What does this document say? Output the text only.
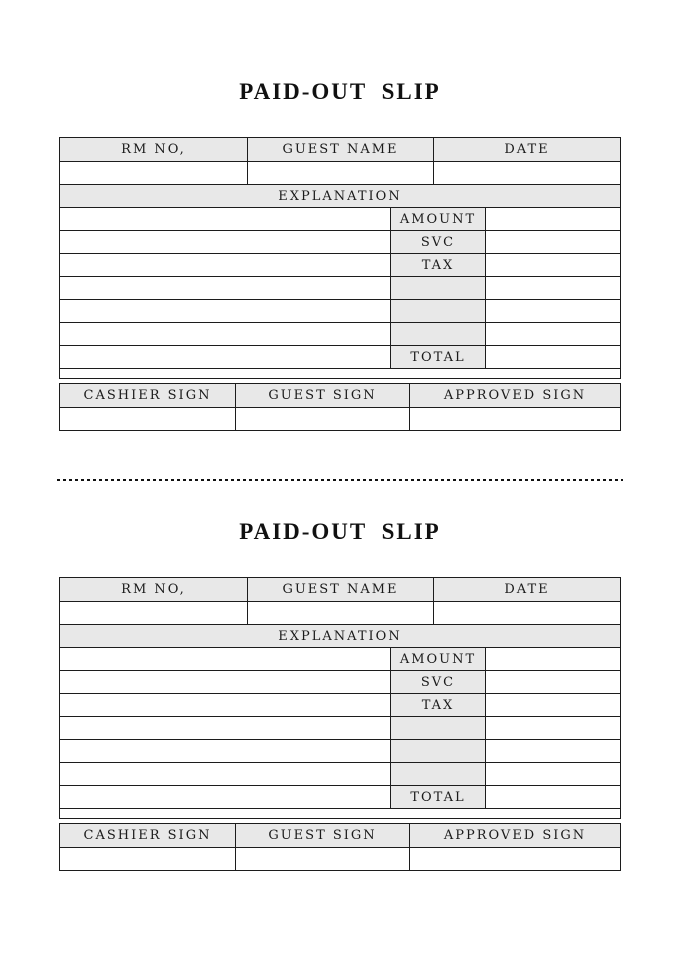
PAID-OUT SLIP
RM NO,	GUEST NAME	DATE
EXPLANATION
AMOUNT
SVC
TAX
TOTAL
CASHIER SIGN	GUEST SIGN	APPROVED SIGN
PAID-OUT SLIP
RM NO,	GUEST NAME	DATE
EXPLANATION
AMOUNT
SVC
TAX
TOTAL
CASHIER SIGN	GUEST SIGN	APPROVED SIGN
